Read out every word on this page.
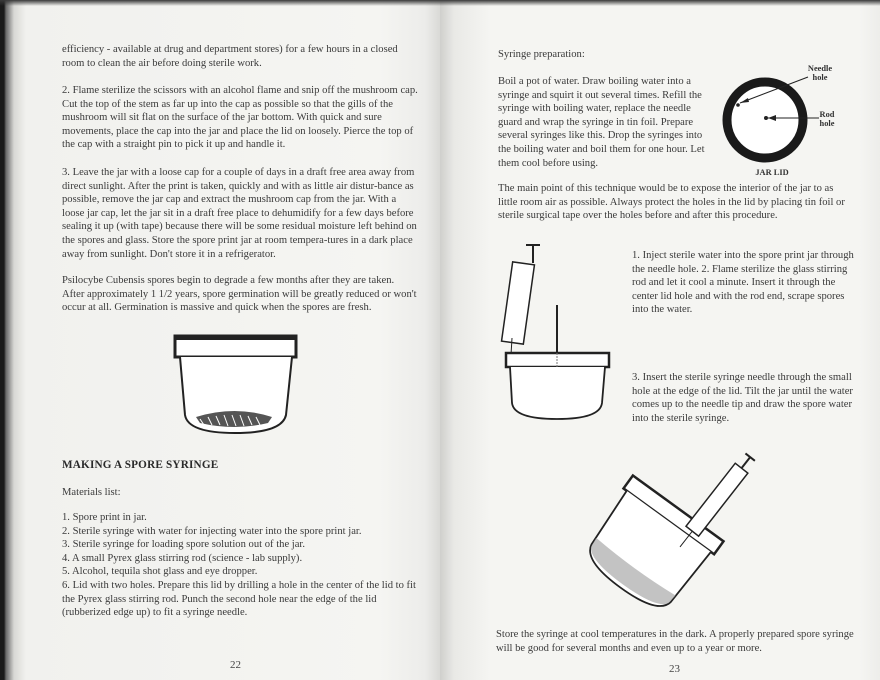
efficiency - available at drug and department stores) for a few hours in a closed room to clean the air before doing sterile work.
2. Flame sterilize the scissors with an alcohol flame and snip off the mushroom cap. Cut the top of the stem as far up into the cap as possible so that the gills of the mushroom will sit flat on the surface of the jar bottom. With quick and sure movements, place the cap into the jar and place the lid on loosely. Pierce the top of the cap with a straight pin to pick it up and handle it.
3. Leave the jar with a loose cap for a couple of days in a draft free area away from direct sunlight. After the print is taken, quickly and with as little air distur-bance as possible, remove the jar cap and extract the mushroom cap from the jar. With a loose jar cap, let the jar sit in a draft free place to dehumidify for a few days before sealing it up (with tape) because there will be some residual moisture left behind on the spores and glass. Store the spore print jar at room tempera-tures in a dark place away from sunlight. Don't store it in a refrigerator.
Psilocybe Cubensis spores begin to degrade a few months after they are taken. After approximately 1 1/2 years, spore germination will be greatly reduced or won't occur at all. Germination is massive and quick when the spores are fresh.
MAKING A SPORE SYRINGE
Materials list:
1. Spore print in jar.
2. Sterile syringe with water for injecting water into the spore print jar.
3. Sterile syringe for loading spore solution out of the jar.
4. A small Pyrex glass stirring rod (science - lab supply).
5. Alcohol, tequila shot glass and eye dropper.
6. Lid with two holes. Prepare this lid by drilling a hole in the center of the lid to fit the Pyrex glass stirring rod. Punch the second hole near the edge of the lid (rubberized edge up) to fit a syringe needle.
22
Syringe preparation:
Boil a pot of water. Draw boiling water into a syringe and squirt it out several times. Refill the syringe with boiling water, replace the needle guard and wrap the syringe in tin foil. Prepare several syringes like this. Drop the syringes into the boiling water and boil them for one hour. Let them cool before using.
Needle hole
Rod hole
JAR LID
The main point of this technique would be to expose the interior of the jar to as little room air as possible. Always protect the holes in the lid by placing tin foil or sterile surgical tape over the holes before and after this procedure.
1. Inject sterile water into the spore print jar through the needle hole. 2. Flame sterilize the glass stirring rod and let it cool a minute. Insert it through the center lid hole and with the rod end, scrape spores into the water.
3. Insert the sterile syringe needle through the small hole at the edge of the lid. Tilt the jar until the water comes up to the needle tip and draw the spore water into the sterile syringe.
Store the syringe at cool temperatures in the dark. A properly prepared spore syringe will be good for several months and even up to a year or more.
23
